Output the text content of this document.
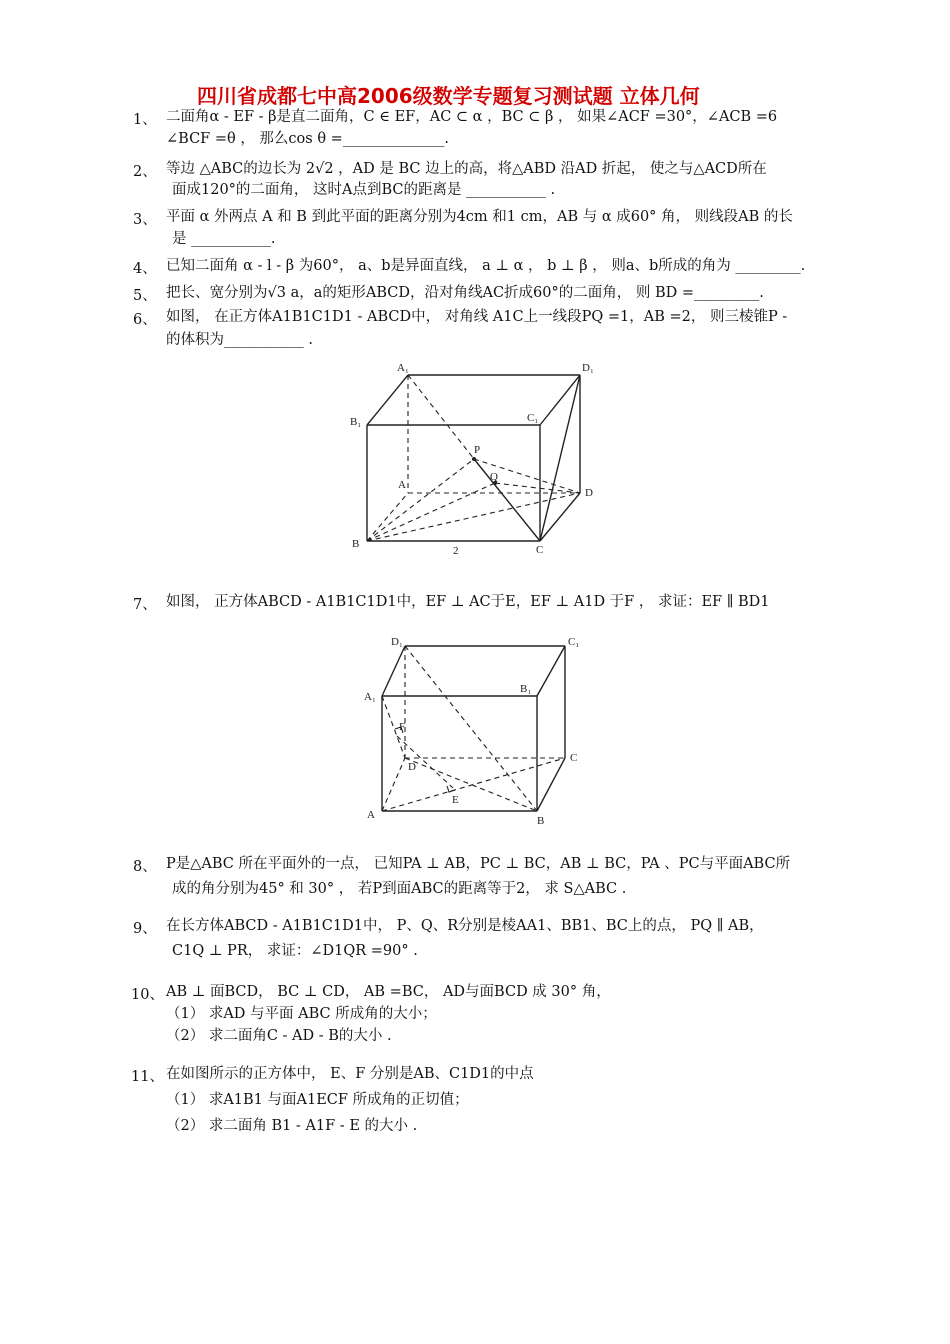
四川省成都七中高2006级数学专题复习测试题 立体几何
1、 二面角α - EF - β是直二面角，C ∈ EF，AC ⊂ α ，BC ⊂ β ， 如果∠ACF =30°，∠ACB =6
∠BCF =θ ， 那么cos θ =______________.
2、 等边 △ABC的边长为 2√2 ，AD 是 BC 边上的高，将△ABD 沿AD 折起， 使之与△ACD所在
面成120°的二面角， 这时A点到BC的距离是 ___________ .
3、 平面 α 外两点 A 和 B 到此平面的距离分别为4cm 和1 cm，AB 与 α 成60° 角， 则线段AB 的长
是 ___________.
4、 已知二面角 α - l - β 为60°， a、b是异面直线， a ⊥ α ， b ⊥ β ， 则a、b所成的角为 _________.
5、 把长、宽分别为√3 a，a的矩形ABCD，沿对角线AC折成60°的二面角， 则 BD =_________.
6、 如图， 在正方体A1B1C1D1 - ABCD中， 对角线 A1C上一线段PQ =1，AB =2， 则三棱锥P -
的体积为___________ .
A₁	D₁
B₁	C₁
P
Q
A
D
B	C
2
7、 如图， 正方体ABCD - A1B1C1D1中，EF ⊥ AC于E，EF ⊥ A1D 于F ， 求证：EF ∥ BD1
D₁	C₁
A₁
B₁
F
D
C
E
A	B
8、 P是△ABC 所在平面外的一点， 已知PA ⊥ AB，PC ⊥ BC，AB ⊥ BC，PA 、PC与平面ABC所
成的角分别为45° 和 30° ， 若P到面ABC的距离等于2， 求 S△ABC .
9、 在长方体ABCD - A1B1C1D1中， P、Q、R分别是棱AA1、BB1、BC上的点， PQ ∥ AB，
C1Q ⊥ PR， 求证：∠D1QR =90° .
10、 AB ⊥ 面BCD， BC ⊥ CD， AB =BC， AD与面BCD 成 30° 角，
（1） 求AD 与平面 ABC 所成角的大小；
（2） 求二面角C - AD - B的大小 .
11、 在如图所示的正方体中， E、F 分别是AB、C1D1的中点
（1） 求A1B1 与面A1ECF 所成角的正切值；
（2） 求二面角 B1 - A1F - E 的大小 .
